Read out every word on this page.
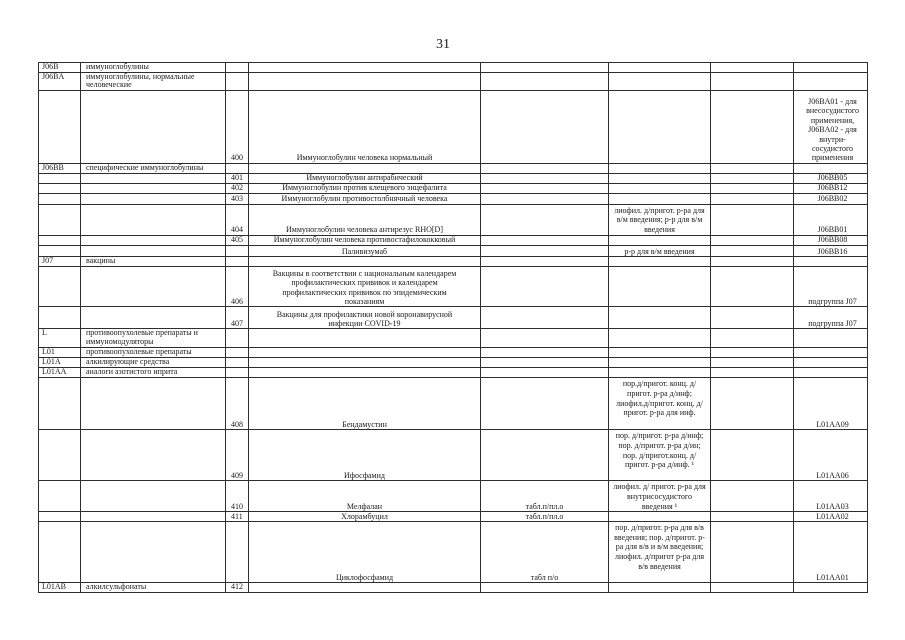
31
J06B	иммуноглобулины						
J06BA	иммуноглобулины, нормальные человеческие						
		400	Иммуноглобулин человека нормальный				J06BA01 - для внесосудистого применения, J06BA02 - для внутри-сосудистого применения
J06BB	специфические иммуноглобулины						
		401	Иммуноглобулин антирабический				J06BB05
		402	Иммуноглобулин против клещевого энцефалита				J06BB12
		403	Иммуноглобулин противостолбнячный человека				J06BB02
		404	Иммуноглобулин человека антирезус RHO[D]		лиофил. д/пригот. р-ра для в/м введения; р-р для в/м введения		J06BB01
		405	Иммуноглобулин человека противостафилококковый				J06BB08
			Паливизумаб		р-р для в/м введения		J06BB16
J07	вакцины						
		406	Вакцины в соответствии с национальным календарем профилактических прививок и календарем профилактических прививок по эпидемическим показаниям				подгруппа J07
		407	Вакцины для профилактики новой коронавирусной инфекции COVID-19				подгруппа J07
L	противоопухолевые препараты и иммуномодуляторы						
L01	противоопухолевые препараты						
L01A	алкилирующие средства						
L01AA	аналоги азотистого иприта						
		408	Бендамустин		пор.д/пригот. конц. д/пригот. р-ра д/инф; лиофил.д/пригот. конц. д/пригот. р-ра для инф.		L01AA09
		409	Ифосфамид		пор. д/пригот. р-ра д/инф; пор. д/пригот. р-ра д/ин; пор. д/пригот.конц. д/пригот. р-ра д/инф. ¹		L01AA06
		410	Мелфалан	табл.п/пл.о	лиофил. д/ пригот. р-ра для внутрисосудистого введения ¹		L01AA03
		411	Хлорамбуцил	табл.п/пл.о			L01AA02
			Циклофосфамид	табл п/о	пор. д/пригот. р-ра для в/в введения; пор. д/пригот. р-ра для в/в и в/м введения; лиофил. д/пригот р-ра для в/в введения		L01AA01
L01AB	алкилсульфонаты	412					
